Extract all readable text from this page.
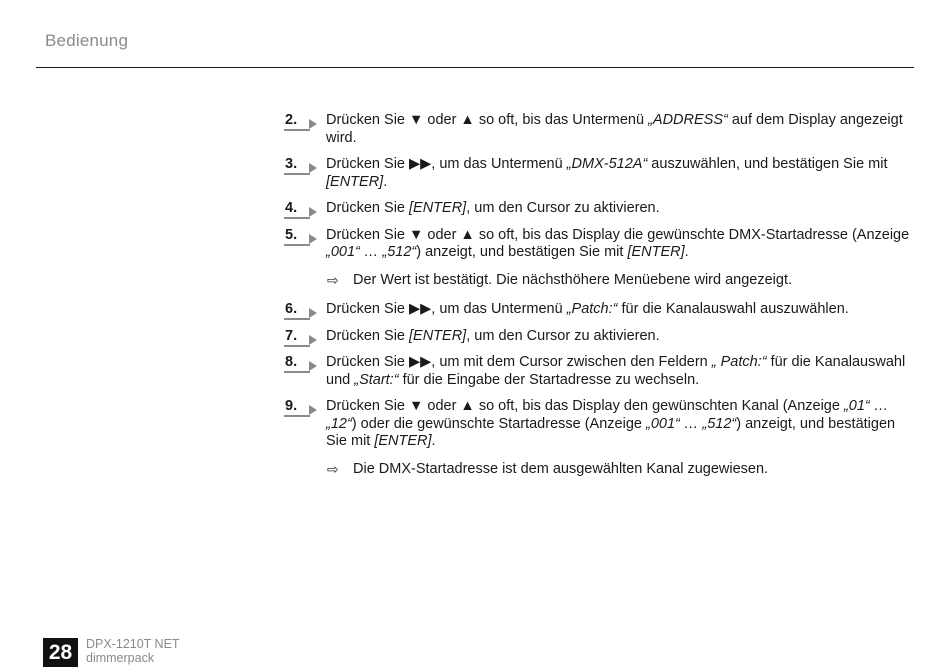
Bedienung
2. Drücken Sie ▼ oder ▲ so oft, bis das Untermenü „ADDRESS“ auf dem Display angezeigt wird.
3. Drücken Sie ▶▶, um das Untermenü „DMX-512A“ auszuwählen, und bestätigen Sie mit [ENTER].
4. Drücken Sie [ENTER], um den Cursor zu aktivieren.
5. Drücken Sie ▼ oder ▲ so oft, bis das Display die gewünschte DMX-Startadresse (Anzeige „001“ … „512“) anzeigt, und bestätigen Sie mit [ENTER].
⇨ Der Wert ist bestätigt. Die nächsthöhere Menüebene wird angezeigt.
6. Drücken Sie ▶▶, um das Untermenü „Patch:“ für die Kanalauswahl auszuwählen.
7. Drücken Sie [ENTER], um den Cursor zu aktivieren.
8. Drücken Sie ▶▶, um mit dem Cursor zwischen den Feldern „ Patch:“ für die Kanalauswahl und „Start:“ für die Eingabe der Startadresse zu wechseln.
9. Drücken Sie ▼ oder ▲ so oft, bis das Display den gewünschten Kanal (Anzeige „01“ … „12“) oder die gewünschte Startadresse (Anzeige „001“ … „512“) anzeigt, und bestätigen Sie mit [ENTER].
⇨ Die DMX-Startadresse ist dem ausgewählten Kanal zugewiesen.
28	DPX-1210T NET
dimmerpack
